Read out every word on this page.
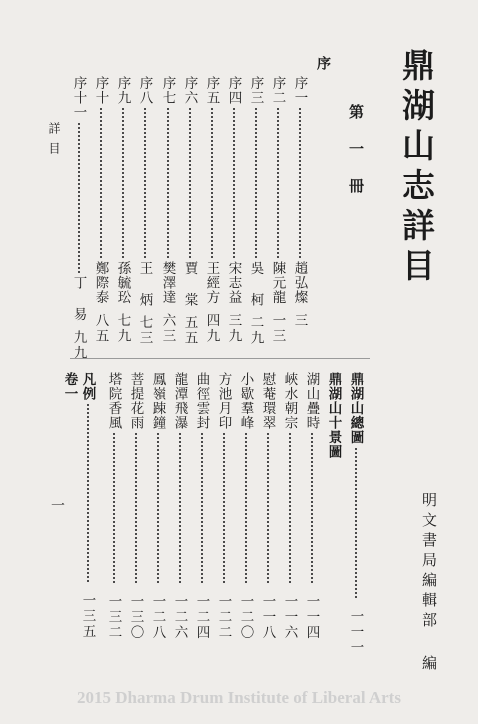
鼎湖山志詳目
明文書局編輯部 編
第一冊
序
序一趙弘燦三
序二陳元龍一三
序三吳 柯二九
序四宋志益三九
序五王經方四九
序六賈 棠五五
序七樊澤達六三
序八王 炳七三
序九孫毓玜七九
序十鄭際泰八五
序十一丁 易九九
鼎湖山總圖一一一
鼎湖山十景圖
湖山疊時一一四
峽水朝宗一一六
慰菴環翠一一八
小歇羣峰一二〇
方池月印一二二
曲徑雲封一二四
龍潭飛瀑一二六
鳳嶺踈鐘一二八
菩提花雨一三〇
塔院香風一三二
凡例一三五
卷一
詳目
一
2015 Dharma Drum Institute of Liberal Arts
